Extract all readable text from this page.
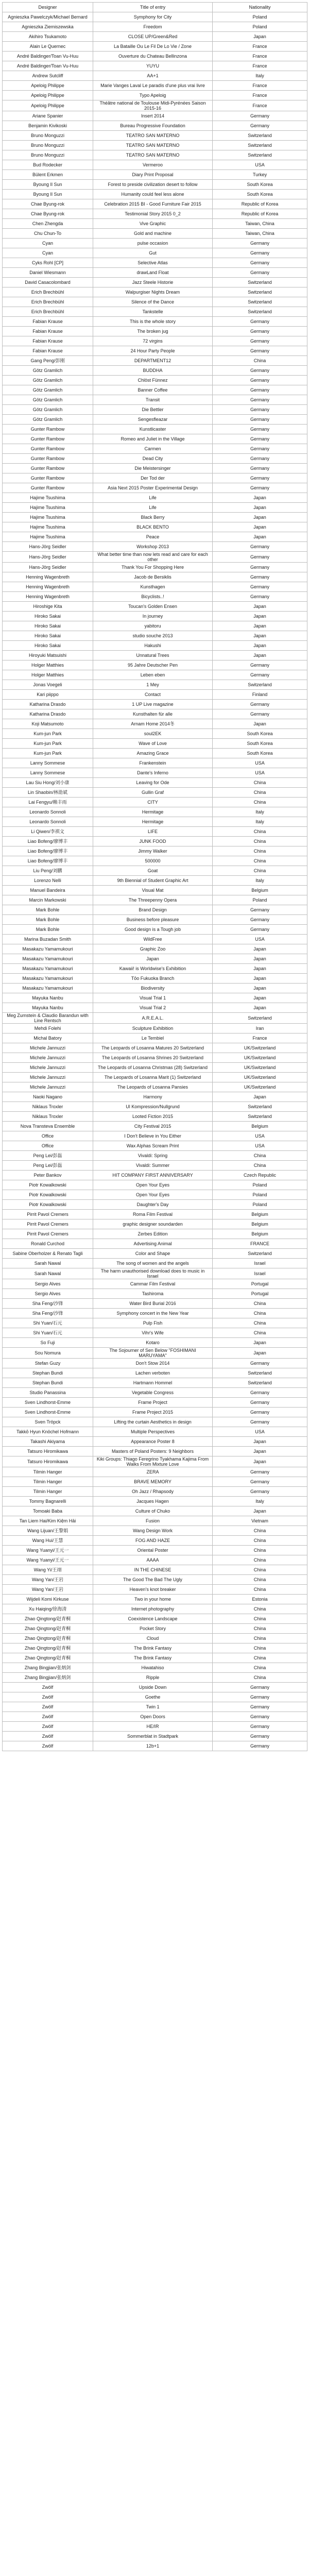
Designer	Title of entry	Nationality
Agnieszka Pawelczyk/Michael Bernard	Symphony for City	Poland
Agnieszka Ziemiszewska	Freedom	Poland
Akihiro Tsukamoto	CLOSE UP/Green&Red	Japan
Alain Le Quernec	La Bataille Ou Le Fil De Lo Vie / Zone	France
André Baldinger/Toan Vu-Huu	Ouverture du Chateau Bellinzona	France
André Baldinger/Toan Vu-Huu	YUYU	France
Andrew Sutcliff	AA+1	Italy
Apeloig Philippe	Marie Vanges Laval Le paradis d'une plus vrai livre	France
Apeloig Philippe	Typo Apeloig	France
Apeloig Philippe	Théâtre national de Toulouse Midi-Pyrénées Saison 2015-16	France
Ariane Spanier	Insert 2014	Germany
Benjamin Kivikoski	Bureau Progressive Foundation	Germany
Bruno Monguzzi	TEATRO SAN MATERNO	Switzerland
Bruno Monguzzi	TEATRO SAN MATERNO	Switzerland
Bruno Monguzzi	TEATRO SAN MATERNO	Switzerland
Bud Rodecker	Vermeroo	USA
Bülent Erkmen	Diary Print Proposal	Turkey
Byoung Il Sun	Forest to preside civilization desert to follow	South Korea
Byoung Il Sun	Humanity could feel less alone	South Korea
Chae Byung-rok	Celebration 2015 BI - Good Furniture Fair 2015	Republic of Korea
Chae Byung-rok	Testimonial Story 2015 0_2	Republic of Korea
Chen Zhengda	Vive Graphic	Taiwan, China
Chu Chun-To	Gold and machine	Taiwan, China
Cyan	pulse occasion	Germany
Cyan	Gut	Germany
Cyks Rohl [CP]	Selective Atlas	Germany
Daniel Wiesmann	drawLand Float	Germany
David Casacolombard	Jazz Steele Historie	Switzerland
Erich Brechbühl	Walpurgiser Nights Dream	Switzerland
Erich Brechbühl	Silence of the Dance	Switzerland
Erich Brechbühl	Tankstelle	Switzerland
Fabian Krause	This is the whole story	Germany
Fabian Krause	The broken jug	Germany
Fabian Krause	72 virgins	Germany
Fabian Krause	24 Hour Party People	Germany
Gang Peng/彭刚	DEPARTMENT12	China
Götz Gramlich	BUDDHA	Germany
Götz Gramlich	Chlöst Fünnez	Germany
Götz Gramlich	Banner Coffee	Germany
Götz Gramlich	Transit	Germany
Götz Gramlich	Die Bettler	Germany
Götz Gramlich	Sengesfleazar	Germany
Gunter Rambow	Kunstlicaster	Germany
Gunter Rambow	Romeo and Juliet in the Village	Germany
Gunter Rambow	Carmen	Germany
Gunter Rambow	Dead City	Germany
Gunter Rambow	Die Meistersinger	Germany
Gunter Rambow	Der Tod der	Germany
Gunter Rambow	Asia Next 2015 Poster Experimental Design	Germany
Hajime Tsushima	Life	Japan
Hajime Tsushima	Life	Japan
Hajime Tsushima	Black Berry	Japan
Hajime Tsushima	BLACK BENTO	Japan
Hajime Tsushima	Peace	Japan
Hans-Jörg Seidler	Workshop 2013	Germany
Hans-Jörg Seidler	What better time than now lets read and care for each other	Germany
Hans-Jörg Seidler	Thank You For Shopping Here	Germany
Henning Wagenbreth	Jacob de Bersiklis	Germany
Henning Wagenbreth	Kunsthagen	Germany
Henning Wagenbreth	Bicyclists..!	Germany
Hiroshige Kita	Toucan's Golden Ensen	Japan
Hiroko Sakai	In journey	Japan
Hiroko Sakai	yabitoru	Japan
Hiroko Sakai	studio souche 2013	Japan
Hiroko Sakai	Hakushi	Japan
Hiroyuki Matsuishi	Unnatural Trees	Japan
Holger Matthies	95 Jahre Deutscher Pen	Germany
Holger Matthies	Leben eben	Germany
Jonas Voegeli	1 Mey	Switzerland
Kari piippo	Contact	Finland
Katharina Drasdo	1 UP Live magazine	Germany
Katharina Drasdo	Kunsthalten für alle	Germany
Koji Matsumoto	Arnam Home 2014冬	Japan
Kum-jun Park	soul2EK	South Korea
Kum-jun Park	Wave of Love	South Korea
Kum-jun Park	Amazing Grace	South Korea
Lanny Sommese	Frankenstein	USA
Lanny Sommese	Dante's Inferno	USA
Lau Siu Hong/刘小康	Leaving for Ode	China
Lin Shaobin/林劭斌	Gullin Graf	China
Lai Fengyu/赖丰雨	CITY	China
Leonardo Sonnoli	Hermitage	Italy
Leonardo Sonnoli	Hermitage	Italy
Li Qiwen/李祺文	LIFE	China
Liao Bofeng/廖博丰	JUNK FOOD	China
Liao Bofeng/廖博丰	Jimmy Walker	China
Liao Bofeng/廖博丰	500000	China
Liu Peng/刘鹏	Goat	China
Lorenzo Nelli	9th Biennial of Student Graphic Art	Italy
Manuel Bandeira	Visual Mat	Belgium
Marcin Markowski	The Threepenny Opera	Poland
Mark Bohle	Brand Design	Germany
Mark Bohle	Business before pleasure	Germany
Mark Bohle	Good design is a Tough job	Germany
Marina Buzadan Smith	WildFree	USA
Masakazu Yamamukouri	Graphic Zoo	Japan
Masakazu Yamamukouri	Japan	Japan
Masakazu Yamamukouri	Kawaii! is Worldwise's Exhibition	Japan
Masakazu Yamamukouri	Tōo Fukuoka Branch	Japan
Masakazu Yamamukouri	Biodiversity	Japan
Mayuka Nanbu	Visual Trial 1	Japan
Mayuka Nanbu	Visual Trial 2	Japan
Meg Zumstein & Claudio Barandun with Line Rentsch	A.R.E.A.L.	Switzerland
Mehdi Folehi	Sculpture Exhibition	Iran
Michal Batory	Le Tembiel	France
Michele Jannuzzi	The Leopards of Losanna Matures 20 Switzerland	UK/Switzerland
Michele Jannuzzi	The Leopards of Losanna Shrines 20 Switzerland	UK/Switzerland
Michele Jannuzzi	The Leopards of Losanna Christmas (28) Switzerland	UK/Switzerland
Michele Jannuzzi	The Leopards of Losanna Marit (1) Switzerland	UK/Switzerland
Michele Jannuzzi	The Leopards of Losanna Pansies	UK/Switzerland
Naoki Nagano	Harmony	Japan
Niklaus Troxler	Ul Kompression/Nullgrund	Switzerland
Niklaus Troxler	Looted Fiction 2015	Switzerland
Nova Transteva Ensemble	City Festival 2015	Belgium
Office	I Don't Believe in You Either	USA
Office	Wax Alphas Scream Print	USA
Peng Lei/彭磊	Vivaldi: Spring	China
Peng Lei/彭磊	Vivaldi: Summer	China
Peter Bankov	HIT COMPANY FIRST ANNIVERSARY	Czech Republic
Piotr Kowalkowski	Open Your Eyes	Poland
Piotr Kowalkowski	Open Your Eyes	Poland
Piotr Kowalkowski	Daughter's Day	Poland
Pirrit Pavol Cremers	Roma Film Festival	Belgium
Pirrit Pavol Cremers	graphic designer soundarden	Belgium
Pirrit Pavol Cremers	Zerbes Edition	Belgium
Ronald Curchod	Advertising Animal	FRANCE
Sabine Oberholzer & Renato Tagli	Color and Shape	Switzerland
Sarah Nawal	The song of women and the angels	Israel
Sarah Nawal	The harm unauthorised download does to music in Israel	Israel
Sergio Alves	Cammar Film Festival	Portugal
Sergio Alves	Tashiroma	Portugal
Sha Feng/沙锋	Water Bird Burial 2016	China
Sha Feng/沙锋	Symphony concert in the New Year	China
Shi Yuan/石元	Pulp Fish	China
Shi Yuan/石元	Vihr's Wife	China
So Fuji	Kotaro	Japan
Sou Nomura	The Sojourner of Sen Below "FOSHIMANI MARUYAMA"	Japan
Stefan Guzy	Don't Stow 2014	Germany
Stephan Bundi	Lachen verboten	Switzerland
Stephan Bundi	Hartmann Hommel	Switzerland
Studio Panassina	Vegetable Congress	Germany
Sven Lindhorst-Emme	Frame Project	Germany
Sven Lindhorst-Emme	Frame Project 2015	Germany
Sven Tröpck	Lifting the curtain Aesthetics in design	Germany
Takkō Hyun Knöchel Hofmann	Multiple Perspectives	USA
Takashi Akiyama	Appearance Poster 8	Japan
Tatsuro Hiromikawa	Masters of Poland Posters: 9 Neighbors	Japan
Tatsuro Hiromikawa	Kiki Groups: Thiago Feregrino Tyakhama Kajima From Walks From Mixture Love	Japan
Tilmin Hanger	ZERA	Germany
Tilmin Hanger	BRAVE MEMORY	Germany
Tilmin Hanger	Oh Jazz / Rhapsody	Germany
Tommy Bagnarelli	Jacques Hagen	Italy
Tomoaki Baba	Culture of Chuko	Japan
Tan Liem Hai/Kim Kiệm Hải	Fusion	Vietnam
Wang Lijuan/王黎娟	Wang Design Work	China
Wang Hui/王慧	FOG AND HAZE	China
Wang Yuanyi/王元一	Oriental Poster	China
Wang Yuanyi/王元一	AAAA	China
Wang Yi/王翊	IN THE CHINESE	China
Wang Yan/王岩	The Good The Bad The Ugly	China
Wang Yan/王岩	Heaven's knot breaker	China
Wijdeli Komi Kirkuse	Two in your home	Estonia
Xu Haiqing/徐海清	Internet photography	China
Zhao Qingtong/赵青桐	Coexistence Landscape	China
Zhao Qingtong/赵青桐	Pocket Story	China
Zhao Qingtong/赵青桐	Cloud	China
Zhao Qingtong/赵青桐	The Brink Fantasy	China
Zhao Qingtong/赵青桐	The Brink Fantasy	China
Zhang Bingjian/张炳剑	Hiwatahiso	China
Zhang Bingjian/张炳剑	Ripple	China
Zwölf	Upside Down	Germany
Zwölf	Goethe	Germany
Zwölf	Twin 1	Germany
Zwölf	Open Doors	Germany
Zwölf	HE/IR	Germany
Zwölf	Sommerblat in Stadtpark	Germany
Zwölf	12b+1	Germany
